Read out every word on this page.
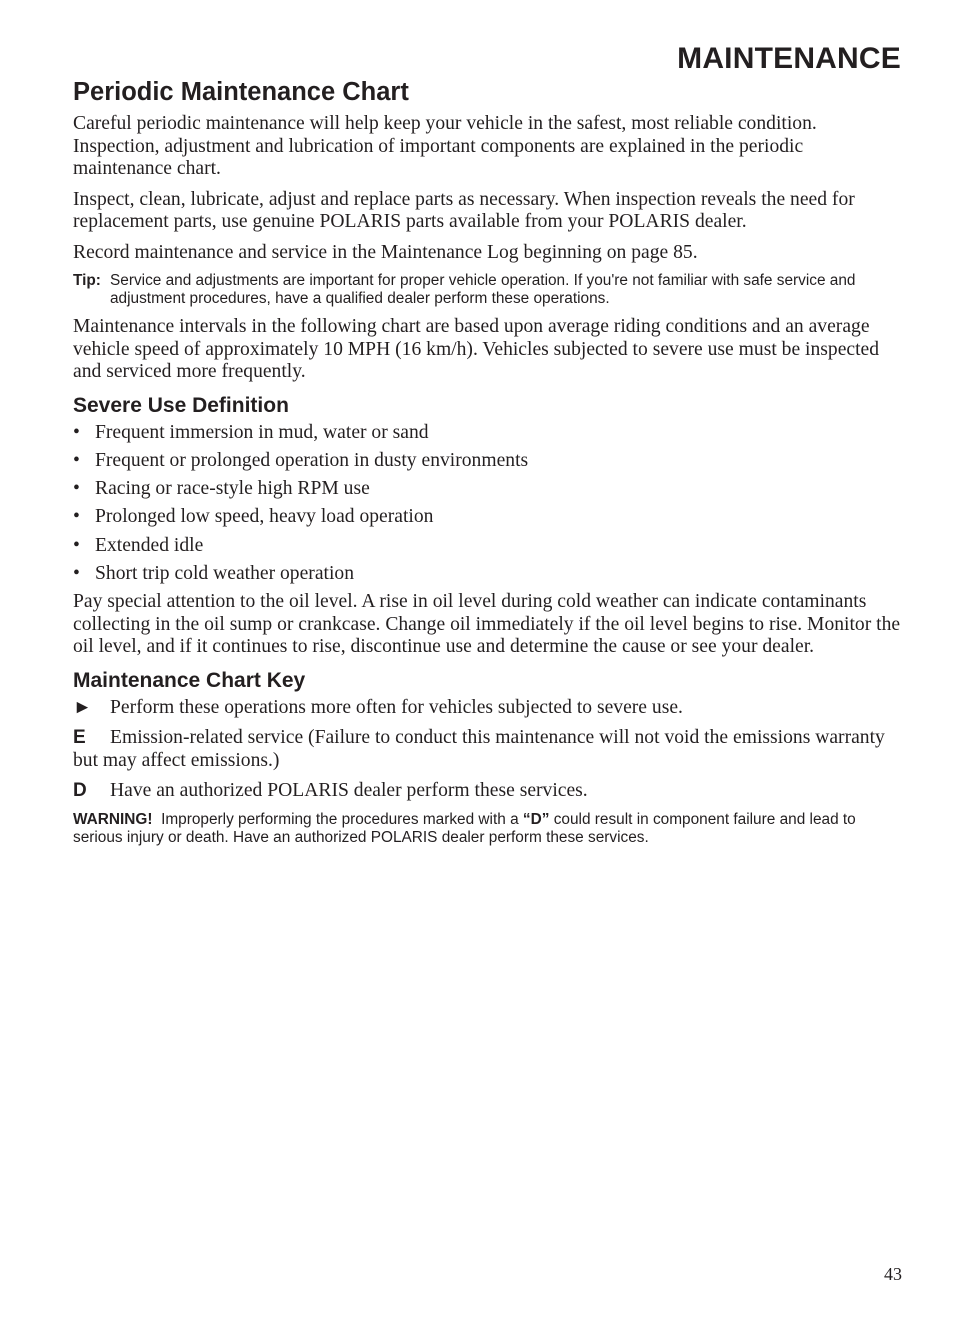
MAINTENANCE
Periodic Maintenance Chart

Careful periodic maintenance will help keep your vehicle in the safest, most reliable condition. Inspection, adjustment and lubrication of important components are explained in the periodic maintenance chart.

Inspect, clean, lubricate, adjust and replace parts as necessary. When inspection reveals the need for replacement parts, use genuine POLARIS parts available from your POLARIS dealer.

Record maintenance and service in the Maintenance Log beginning on page 85.

Tip: Service and adjustments are important for proper vehicle operation. If you're not familiar with safe service and adjustment procedures, have a qualified dealer perform these operations.

Maintenance intervals in the following chart are based upon average riding conditions and an average vehicle speed of approximately 10 MPH (16 km/h). Vehicles subjected to severe use must be inspected and serviced more frequently.

Severe Use Definition
• Frequent immersion in mud, water or sand
• Frequent or prolonged operation in dusty environments
• Racing or race-style high RPM use
• Prolonged low speed, heavy load operation
• Extended idle
• Short trip cold weather operation

Pay special attention to the oil level. A rise in oil level during cold weather can indicate contaminants collecting in the oil sump or crankcase. Change oil immediately if the oil level begins to rise. Monitor the oil level, and if it continues to rise, discontinue use and determine the cause or see your dealer.

Maintenance Chart Key
► Perform these operations more often for vehicles subjected to severe use.
E Emission-related service (Failure to conduct this maintenance will not void the emissions warranty but may affect emissions.)
D Have an authorized POLARIS dealer perform these services.

WARNING! Improperly performing the procedures marked with a “D” could result in component failure and lead to serious injury or death. Have an authorized POLARIS dealer perform these services.

43
